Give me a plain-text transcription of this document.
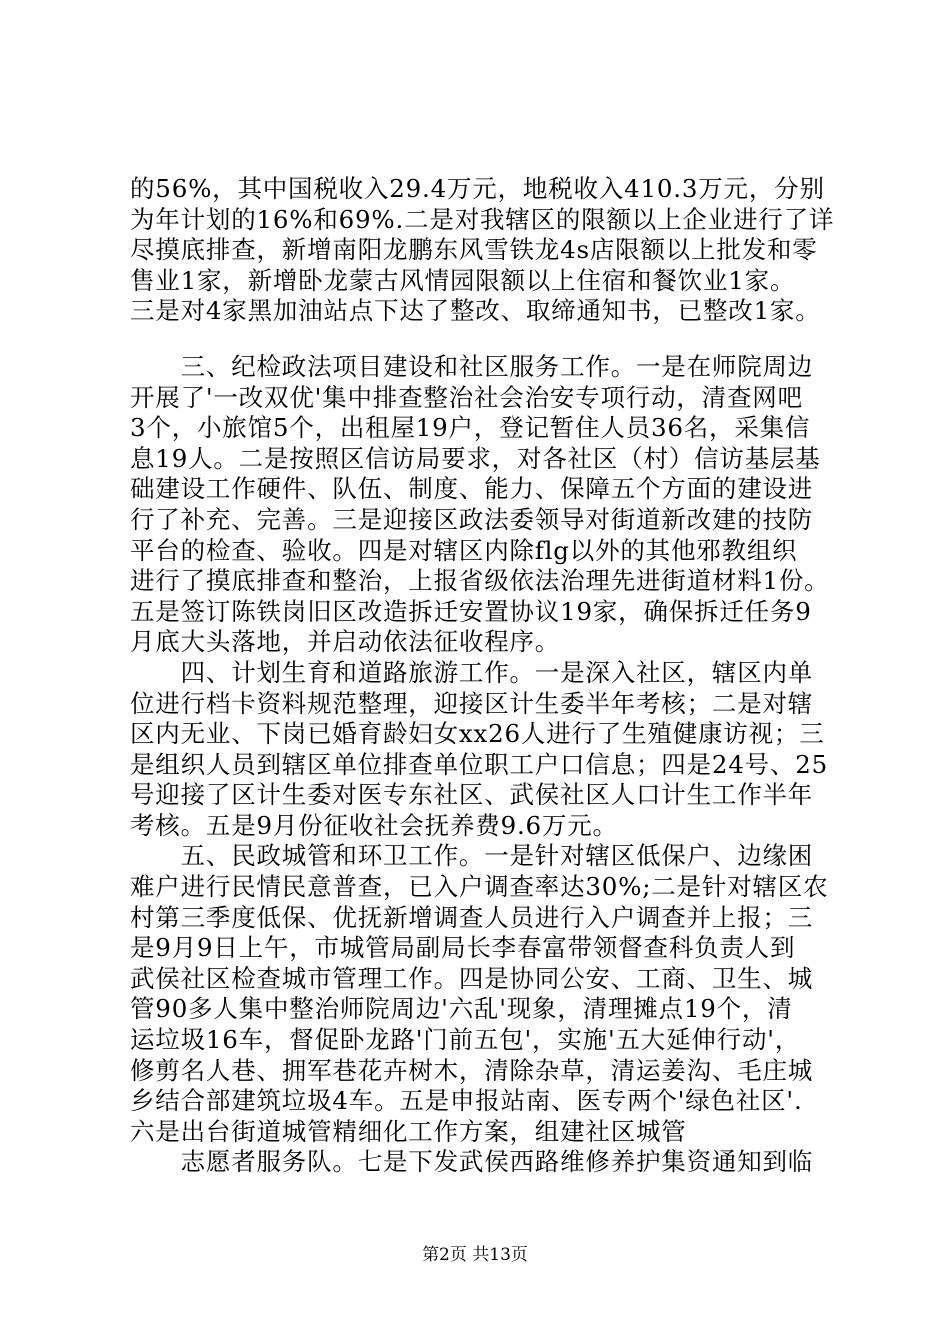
的56%，其中国税收入29.4万元，地税收入410.3万元，分别
为年计划的16%和69%.二是对我辖区的限额以上企业进行了详
尽摸底排查，新增南阳龙鹏东风雪铁龙4s店限额以上批发和零
售业1家，新增卧龙蒙古风情园限额以上住宿和餐饮业1家。
三是对4家黑加油站点下达了整改、取缔通知书，已整改1家。
　　三、纪检政法项目建设和社区服务工作。一是在师院周边
开展了'一改双优'集中排查整治社会治安专项行动，清查网吧
3个，小旅馆5个，出租屋19户，登记暂住人员36名，采集信
息19人。二是按照区信访局要求，对各社区（村）信访基层基
础建设工作硬件、队伍、制度、能力、保障五个方面的建设进
行了补充、完善。三是迎接区政法委领导对街道新改建的技防
平台的检查、验收。四是对辖区内除flg以外的其他邪教组织
进行了摸底排查和整治，上报省级依法治理先进街道材料1份。
五是签订陈铁岗旧区改造拆迁安置协议19家，确保拆迁任务9
月底大头落地，并启动依法征收程序。
　　四、计划生育和道路旅游工作。一是深入社区，辖区内单
位进行档卡资料规范整理，迎接区计生委半年考核；二是对辖
区内无业、下岗已婚育龄妇女xx26人进行了生殖健康访视；三
是组织人员到辖区单位排查单位职工户口信息；四是24号、25
号迎接了区计生委对医专东社区、武侯社区人口计生工作半年
考核。五是9月份征收社会抚养费9.6万元。
　　五、民政城管和环卫工作。一是针对辖区低保户、边缘困
难户进行民情民意普查，已入户调查率达30%;二是针对辖区农
村第三季度低保、优抚新增调查人员进行入户调查并上报；三
是9月9日上午，市城管局副局长李春富带领督查科负责人到
武侯社区检查城市管理工作。四是协同公安、工商、卫生、城
管90多人集中整治师院周边'六乱'现象，清理摊点19个，清
运垃圾16车，督促卧龙路'门前五包'，实施'五大延伸行动'，
修剪名人巷、拥军巷花卉树木，清除杂草，清运姜沟、毛庄城
乡结合部建筑垃圾4车。五是申报站南、医专两个'绿色社区'.
六是出台街道城管精细化工作方案，组建社区城管
　　志愿者服务队。七是下发武侯西路维修养护集资通知到临
第2页 共13页
